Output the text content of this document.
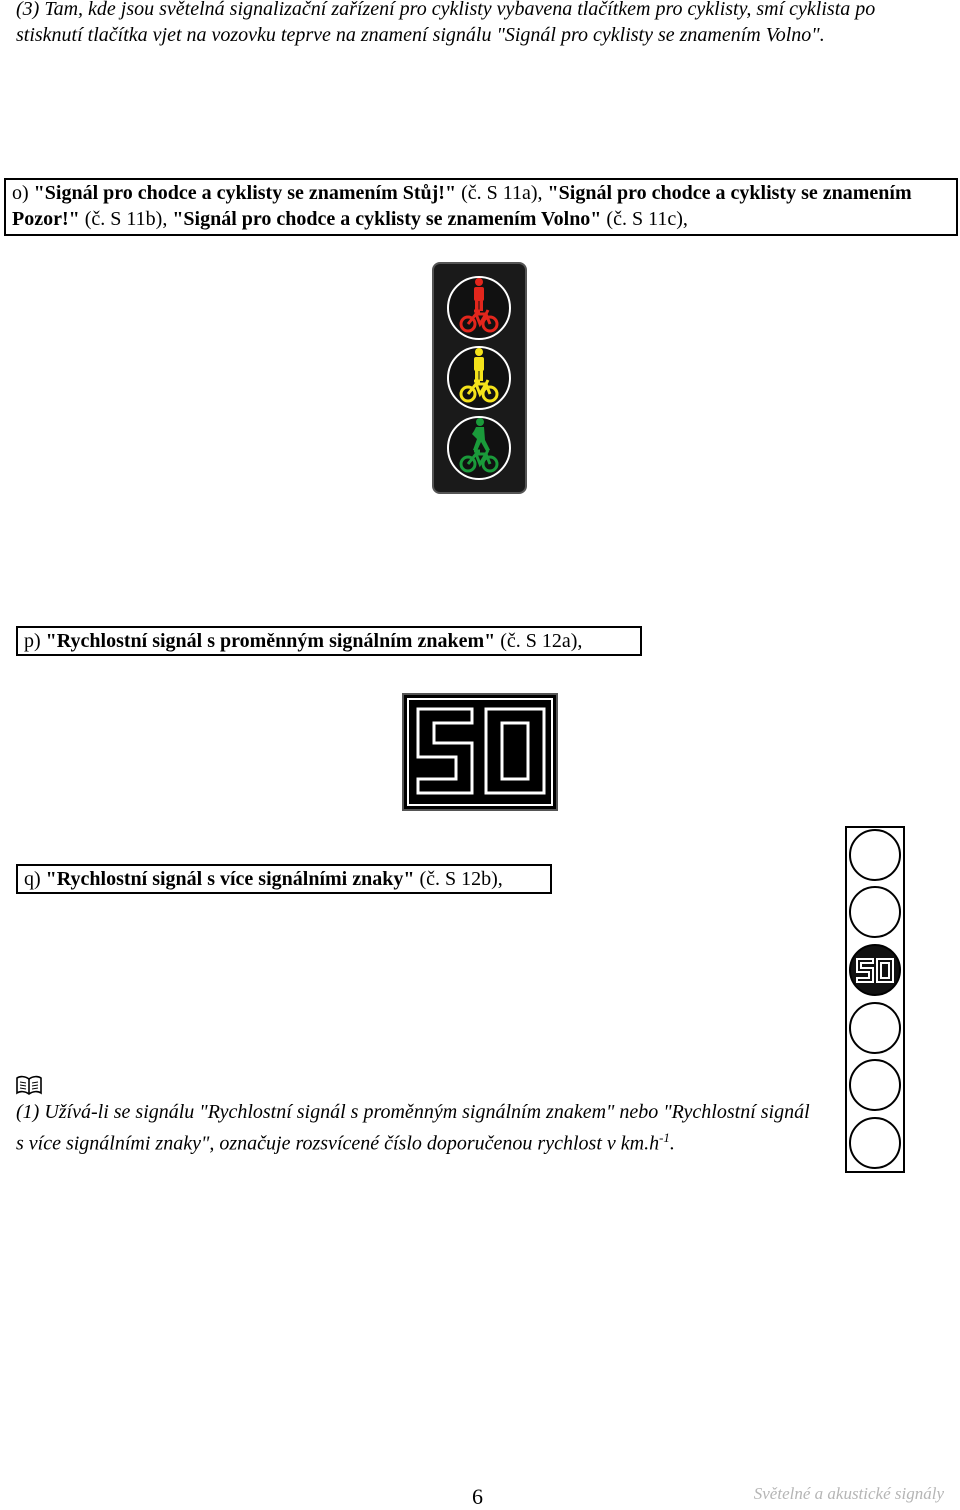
(3) Tam, kde jsou světelná signalizační zařízení pro cyklisty vybavena tlačítkem pro cyklisty, smí cyklista po stisknutí tlačítka vjet na vozovku teprve na znamení signálu "Signál pro cyklisty se znamením Volno".
o) "Signál pro chodce a cyklisty se znamením Stůj!" (č. S 11a), "Signál pro chodce a cyklisty se znamením Pozor!" (č. S 11b), "Signál pro chodce a cyklisty se znamením Volno" (č. S 11c),
p) "Rychlostní signál s proměnným signálním znakem" (č. S 12a),
q) "Rychlostní signál s více signálními znaky" (č. S 12b),
(1) Užívá-li se signálu "Rychlostní signál s proměnným signálním znakem" nebo "Rychlostní signál s více signálními znaky", označuje rozsvícené číslo doporučenou rychlost v $km.h^{-1}$.
6	Světelné a akustické signály
